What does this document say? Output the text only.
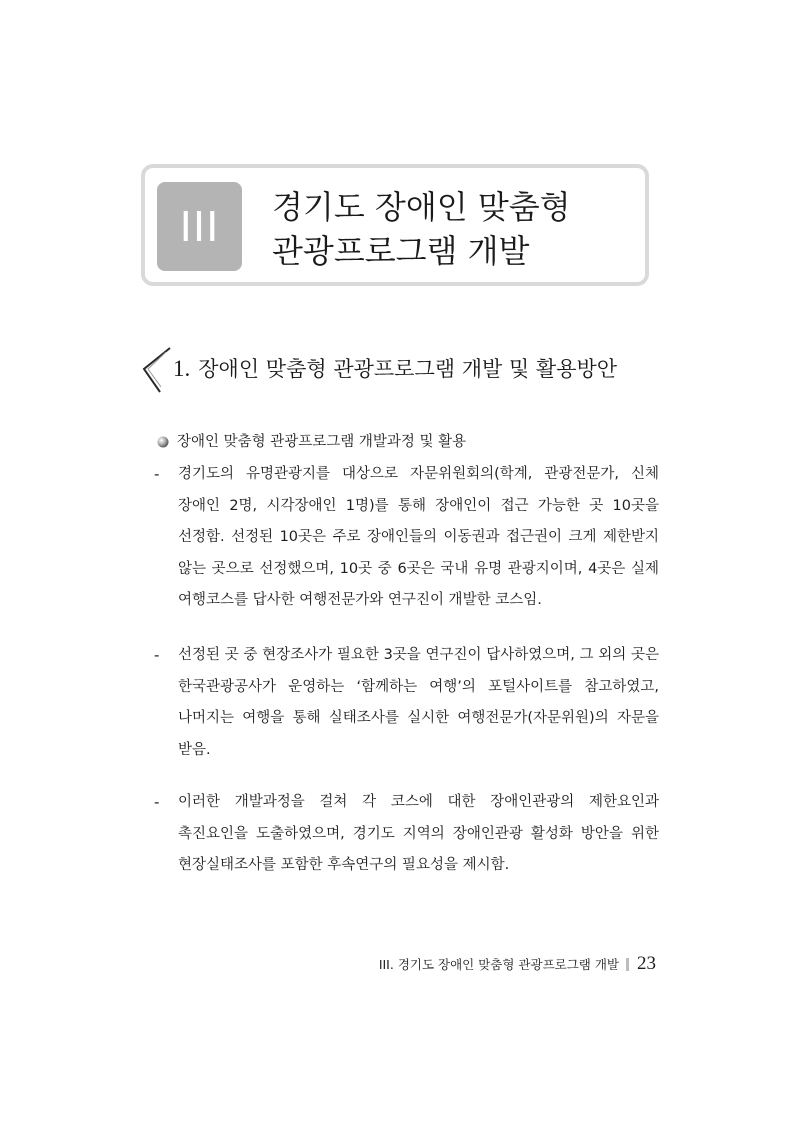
III	경기도 장애인 맞춤형
관광프로그램 개발
1. 장애인 맞춤형 관광프로그램 개발 및 활용방안
장애인 맞춤형 관광프로그램 개발과정 및 활용
-	경기도의 유명관광지를 대상으로 자문위원회의(학계, 관광전문가, 신체 장애인 2명, 시각장애인 1명)를 통해 장애인이 접근 가능한 곳 10곳을 선정함. 선정된 10곳은 주로 장애인들의 이동권과 접근권이 크게 제한받지 않는 곳으로 선정했으며, 10곳 중 6곳은 국내 유명 관광지이며, 4곳은 실제 여행코스를 답사한 여행전문가와 연구진이 개발한 코스임.
-	선정된 곳 중 현장조사가 필요한 3곳을 연구진이 답사하였으며, 그 외의 곳은 한국관광공사가 운영하는 ‘함께하는 여행’의 포털사이트를 참고하였고, 나머지는 여행을 통해 실태조사를 실시한 여행전문가(자문위원)의 자문을 받음.
-	이러한 개발과정을 걸쳐 각 코스에 대한 장애인관광의 제한요인과 촉진요인을 도출하였으며, 경기도 지역의 장애인관광 활성화 방안을 위한 현장실태조사를 포함한 후속연구의 필요성을 제시함.
III. 경기도 장애인 맞춤형 관광프로그램 개발 23
